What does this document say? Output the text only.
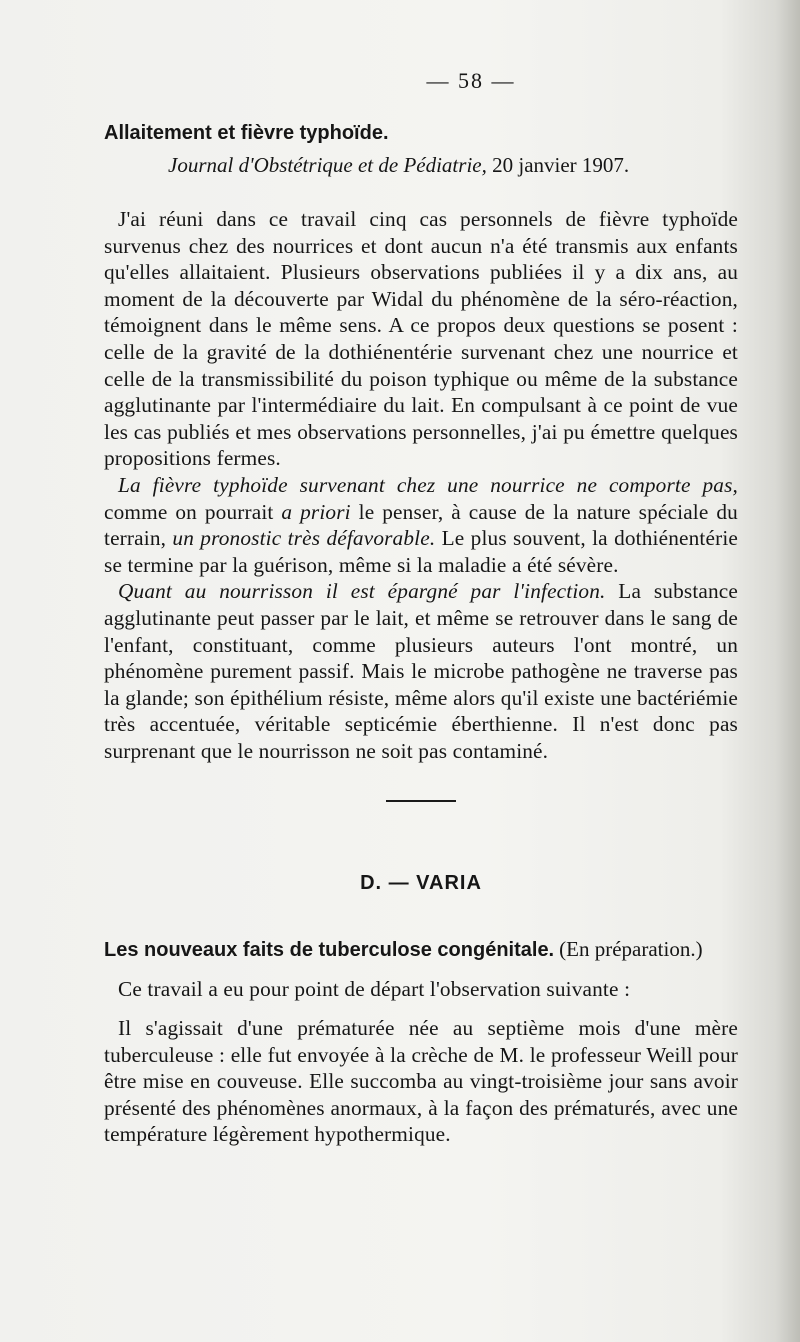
— 58 —
Allaitement et fièvre typhoïde.
Journal d'Obstétrique et de Pédiatrie, 20 janvier 1907.

J'ai réuni dans ce travail cinq cas personnels de fièvre typhoïde survenus chez des nourrices et dont aucun n'a été transmis aux enfants qu'elles allaitaient. Plusieurs observations publiées il y a dix ans, au moment de la découverte par Widal du phénomène de la séro-réaction, témoignent dans le même sens. A ce propos deux questions se posent : celle de la gravité de la dothiénentérie survenant chez une nourrice et celle de la transmissibilité du poison typhique ou même de la substance agglutinante par l'intermédiaire du lait. En compulsant à ce point de vue les cas publiés et mes observations personnelles, j'ai pu émettre quelques propositions fermes.

La fièvre typhoïde survenant chez une nourrice ne comporte pas, comme on pourrait a priori le penser, à cause de la nature spéciale du terrain, un pronostic très défavorable. Le plus souvent, la dothiénentérie se termine par la guérison, même si la maladie a été sévère.

Quant au nourrisson il est épargné par l'infection. La substance agglutinante peut passer par le lait, et même se retrouver dans le sang de l'enfant, constituant, comme plusieurs auteurs l'ont montré, un phénomène purement passif. Mais le microbe pathogène ne traverse pas la glande; son épithélium résiste, même alors qu'il existe une bactériémie très accentuée, véritable septicémie éberthienne. Il n'est donc pas surprenant que le nourrisson ne soit pas contaminé.

D. — VARIA
Les nouveaux faits de tuberculose congénitale. (En préparation.)

Ce travail a eu pour point de départ l'observation suivante :

Il s'agissait d'une prématurée née au septième mois d'une mère tuberculeuse : elle fut envoyée à la crèche de M. le professeur Weill pour être mise en couveuse. Elle succomba au vingt-troisième jour sans avoir présenté des phénomènes anormaux, à la façon des prématurés, avec une température légèrement hypothermique.
